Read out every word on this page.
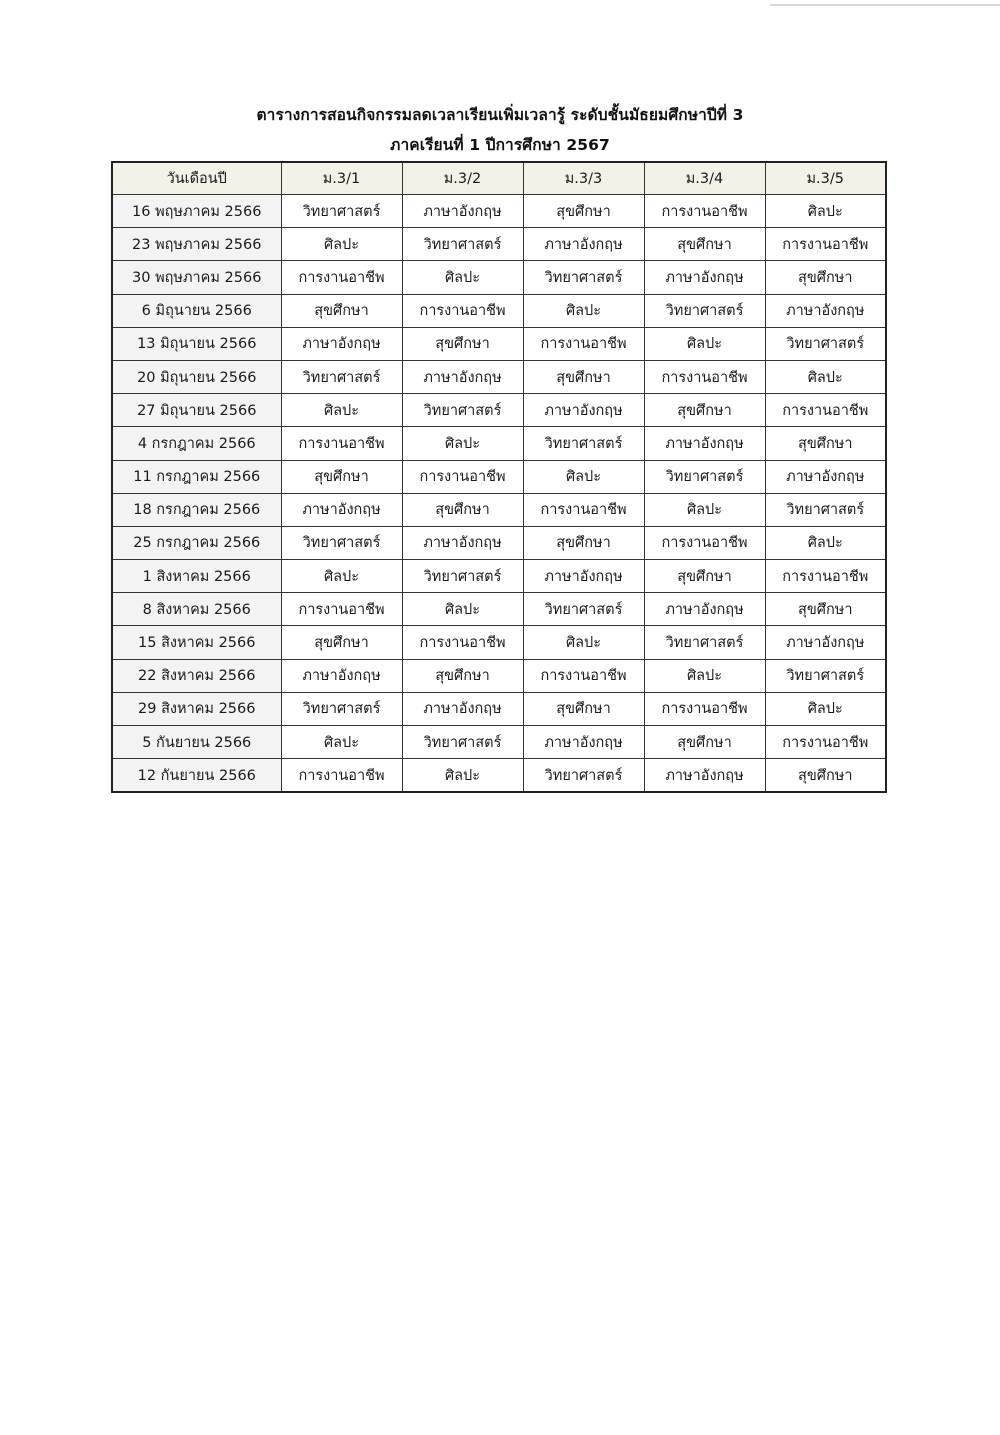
ตารางการสอนกิจกรรมลดเวลาเรียนเพิ่มเวลารู้ ระดับชั้นมัธยมศึกษาปีที่ 3
ภาคเรียนที่ 1 ปีการศึกษา 2567
วันเดือนปี	ม.3/1	ม.3/2	ม.3/3	ม.3/4	ม.3/5
16 พฤษภาคม 2566	วิทยาศาสตร์	ภาษาอังกฤษ	สุขศึกษา	การงานอาชีพ	ศิลปะ
23 พฤษภาคม 2566	ศิลปะ	วิทยาศาสตร์	ภาษาอังกฤษ	สุขศึกษา	การงานอาชีพ
30 พฤษภาคม 2566	การงานอาชีพ	ศิลปะ	วิทยาศาสตร์	ภาษาอังกฤษ	สุขศึกษา
6 มิถุนายน 2566	สุขศึกษา	การงานอาชีพ	ศิลปะ	วิทยาศาสตร์	ภาษาอังกฤษ
13 มิถุนายน 2566	ภาษาอังกฤษ	สุขศึกษา	การงานอาชีพ	ศิลปะ	วิทยาศาสตร์
20 มิถุนายน 2566	วิทยาศาสตร์	ภาษาอังกฤษ	สุขศึกษา	การงานอาชีพ	ศิลปะ
27 มิถุนายน 2566	ศิลปะ	วิทยาศาสตร์	ภาษาอังกฤษ	สุขศึกษา	การงานอาชีพ
4 กรกฎาคม 2566	การงานอาชีพ	ศิลปะ	วิทยาศาสตร์	ภาษาอังกฤษ	สุขศึกษา
11 กรกฎาคม 2566	สุขศึกษา	การงานอาชีพ	ศิลปะ	วิทยาศาสตร์	ภาษาอังกฤษ
18 กรกฎาคม 2566	ภาษาอังกฤษ	สุขศึกษา	การงานอาชีพ	ศิลปะ	วิทยาศาสตร์
25 กรกฎาคม 2566	วิทยาศาสตร์	ภาษาอังกฤษ	สุขศึกษา	การงานอาชีพ	ศิลปะ
1 สิงหาคม 2566	ศิลปะ	วิทยาศาสตร์	ภาษาอังกฤษ	สุขศึกษา	การงานอาชีพ
8 สิงหาคม 2566	การงานอาชีพ	ศิลปะ	วิทยาศาสตร์	ภาษาอังกฤษ	สุขศึกษา
15 สิงหาคม 2566	สุขศึกษา	การงานอาชีพ	ศิลปะ	วิทยาศาสตร์	ภาษาอังกฤษ
22 สิงหาคม 2566	ภาษาอังกฤษ	สุขศึกษา	การงานอาชีพ	ศิลปะ	วิทยาศาสตร์
29 สิงหาคม 2566	วิทยาศาสตร์	ภาษาอังกฤษ	สุขศึกษา	การงานอาชีพ	ศิลปะ
5 กันยายน 2566	ศิลปะ	วิทยาศาสตร์	ภาษาอังกฤษ	สุขศึกษา	การงานอาชีพ
12 กันยายน 2566	การงานอาชีพ	ศิลปะ	วิทยาศาสตร์	ภาษาอังกฤษ	สุขศึกษา
